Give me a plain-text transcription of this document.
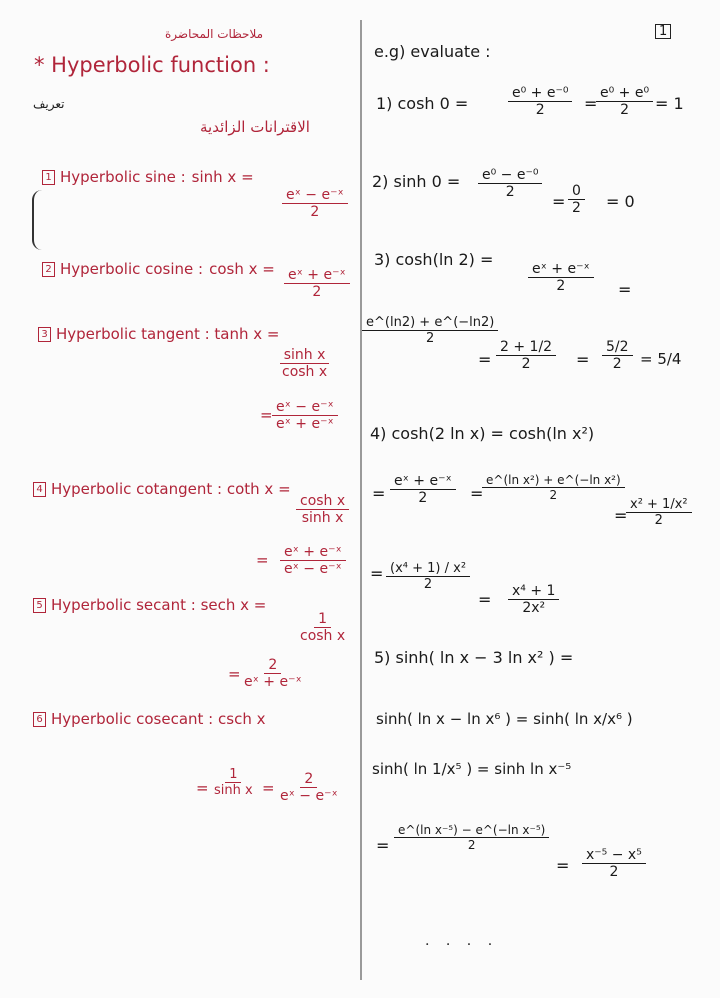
1
ملاحظات المحاضرة
* Hyperbolic function :
تعريف
الاقترانات الزائدية
1 Hyperbolic sine : sinh x =
$\frac{\text{eˣ − e⁻ˣ}}{2}$
2 Hyperbolic cosine : $\cosh x = \frac{\text{eˣ + e⁻ˣ}}{2}$
3 Hyperbolic tangent : tanh x =
$\frac{\text{sinh x}}{\text{cosh x}}$
= $\frac{\text{eˣ − e⁻ˣ}}{\text{eˣ + e⁻ˣ}}$
4 Hyperbolic cotangent : coth x =
$\frac{\text{cosh x}}{\text{sinh x}}$
= $\frac{\text{eˣ + e⁻ˣ}}{\text{eˣ − e⁻ˣ}}$
5 Hyperbolic secant : sech x =
$\frac{1}{\text{cosh x}}$
= $\frac{2}{\text{eˣ + e⁻ˣ}}$
6 Hyperbolic cosecant : csch x
= $\frac{1}{\text{sinh x}} = \frac{2}{\text{eˣ − e⁻ˣ}}$
e.g) evaluate :
1) cosh 0 =	$\frac{\text{e⁰ + e⁻⁰}}{2}$ =
$\frac{\text{e⁰ + e⁰}}{2} = 1$
2) $\sinh 0 = \frac{\text{e⁰ − e⁻⁰}}{2}$
= $\frac{0}{2} = 0$
3) cosh(ln 2) =
$\frac{\text{eˣ + e⁻ˣ}}{2}$ =
$\frac{e\^{}(\ln 2) + e\^{}(-\ln 2)}{2}$
= $\frac{2 + 1/2}{2} = \frac{5/2}{2} = 5/4$
4) cosh(2 ln x) = cosh(ln x²)
= $\frac{\text{eˣ + e⁻ˣ}}{2}$ =
$\frac{\text{e\textasciicircum{}(ln x²) + e\textasciicircum{}(−ln x²)}}{2}$
=
$\frac{\text{x² + 1/x²}}{2}$
= $\frac{\text{(x⁴ + 1) / x²}}{2}$
= $\frac{\text{x⁴ + 1}}{\text{2x²}}$
5) sinh( ln x − 3 ln x² ) =
sinh( ln x − ln x⁶ ) = sinh( ln x/x⁶ )
sinh( ln 1/x⁵ ) = sinh ln x⁻⁵
= $\frac{\text{e\textasciicircum{}(ln x⁻⁵) − e\textasciicircum{}(−ln x⁻⁵)}}{2}$
= $\frac{\text{x⁻⁵ − x⁵}}{2}$
. . . .
